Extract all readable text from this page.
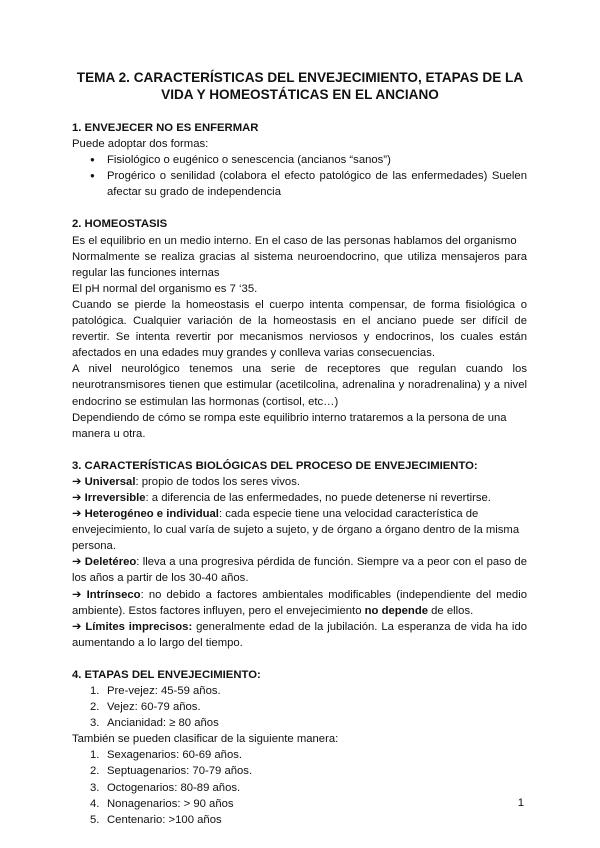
TEMA 2. CARACTERÍSTICAS DEL ENVEJECIMIENTO, ETAPAS DE LA VIDA Y HOMEOSTÁTICAS EN EL ANCIANO
1. ENVEJECER NO ES ENFERMAR

Puede adoptar dos formas:

● Fisiológico o eugénico o senescencia (ancianos “sanos”)
● Progérico o senilidad (colabora el efecto patológico de las enfermedades) Suelen afectar su grado de independencia
2. HOMEOSTASIS

Es el equilibrio en un medio interno. En el caso de las personas hablamos del organismo

Normalmente se realiza gracias al sistema neuroendocrino, que utiliza mensajeros para regular las funciones internas

El pH normal del organismo es 7 ‘35.

Cuando se pierde la homeostasis el cuerpo intenta compensar, de forma fisiológica o patológica. Cualquier variación de la homeostasis en el anciano puede ser difícil de revertir. Se intenta revertir por mecanismos nerviosos y endocrinos, los cuales están afectados en una edades muy grandes y conlleva varias consecuencias.

A nivel neurológico tenemos una serie de receptores que regulan cuando los neurotransmisores tienen que estimular (acetilcolina, adrenalina y noradrenalina) y a nivel endocrino se estimulan las hormonas (cortisol, etc…)

Dependiendo de cómo se rompa este equilibrio interno trataremos a la persona de una manera u otra.

3. CARACTERÍSTICAS BIOLÓGICAS DEL PROCESO DE ENVEJECIMIENTO:

➔ Universal: propio de todos los seres vivos.

➔ Irreversible: a diferencia de las enfermedades, no puede detenerse ni revertirse.

➔ Heterogéneo e individual: cada especie tiene una velocidad característica de envejecimiento, lo cual varía de sujeto a sujeto, y de órgano a órgano dentro de la misma persona.

➔ Deletéreo: lleva a una progresiva pérdida de función. Siempre va a peor con el paso de los años a partir de los 30-40 años.

➔ Intrínseco: no debido a factores ambientales modificables (independiente del medio ambiente). Estos factores influyen, pero el envejecimiento no depende de ellos.

➔ Límites imprecisos: generalmente edad de la jubilación. La esperanza de vida ha ido aumentando a lo largo del tiempo.

4. ETAPAS DEL ENVEJECIMIENTO:
1. Pre-vejez: 45-59 años.
2. Vejez: 60-79 años.
3. Ancianidad: ≥ 80 años

También se pueden clasificar de la siguiente manera:

1. Sexagenarios: 60-69 años.
2. Septuagenarios: 70-79 años.
3. Octogenarios: 80-89 años.
4. Nonagenarios: > 90 años
5. Centenario: >100 años
1
